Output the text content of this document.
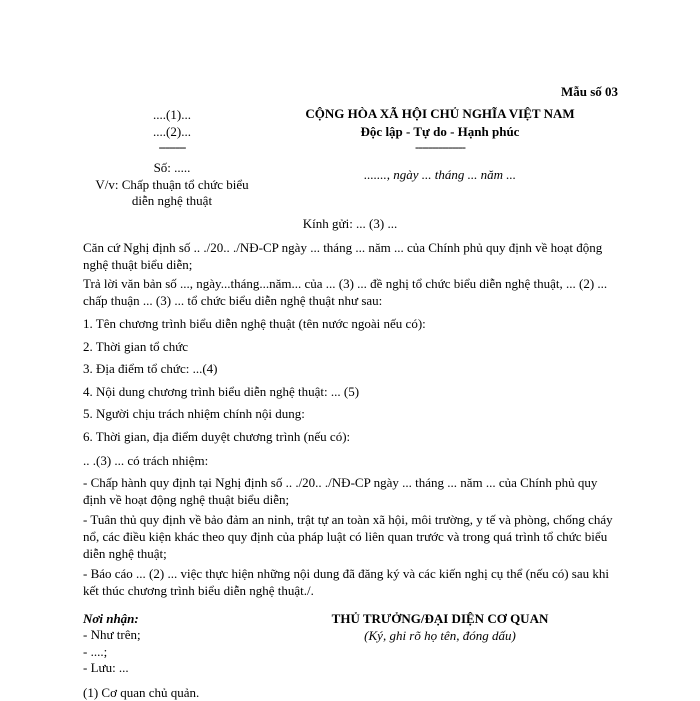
Mẫu số 03
....(1)...
....(2)...
--------
Số: .....
V/v: Chấp thuận tổ chức biểu
diễn nghệ thuật
CỘNG HÒA XÃ HỘI CHỦ NGHĨA VIỆT NAM
Độc lập - Tự do - Hạnh phúc
---------------
......., ngày ... tháng ... năm ...
Kính gửi: ... (3) ...
Căn cứ Nghị định số .. ./20.. ./NĐ-CP ngày ... tháng ... năm ... của Chính phủ quy định về hoạt động nghệ thuật biểu diễn;
Trả lời văn bản số ..., ngày...tháng...năm... của ... (3) ... đề nghị tổ chức biểu diễn nghệ thuật, ... (2) ... chấp thuận ... (3) ... tổ chức biểu diễn nghệ thuật như sau:
1. Tên chương trình biểu diễn nghệ thuật (tên nước ngoài nếu có):
2. Thời gian tổ chức
3. Địa điểm tổ chức: ...(4)
4. Nội dung chương trình biểu diễn nghệ thuật: ... (5)
5. Người chịu trách nhiệm chính nội dung:
6. Thời gian, địa điểm duyệt chương trình (nếu có):
.. .(3) ... có trách nhiệm:
- Chấp hành quy định tại Nghị định số .. ./20.. ./NĐ-CP ngày ... tháng ... năm ... của Chính phủ quy định về hoạt động nghệ thuật biểu diễn;
- Tuân thủ quy định về bảo đảm an ninh, trật tự an toàn xã hội, môi trường, y tế và phòng, chống cháy nổ, các điều kiện khác theo quy định của pháp luật có liên quan trước và trong quá trình tổ chức biểu diễn nghệ thuật;
- Báo cáo ... (2) ... việc thực hiện những nội dung đã đăng ký và các kiến nghị cụ thể (nếu có) sau khi kết thúc chương trình biểu diễn nghệ thuật./.
Nơi nhận:
- Như trên;
- ....;
- Lưu: ...
THỦ TRƯỞNG/ĐẠI DIỆN CƠ QUAN
(Ký, ghi rõ họ tên, đóng dấu)
(1) Cơ quan chủ quản.
